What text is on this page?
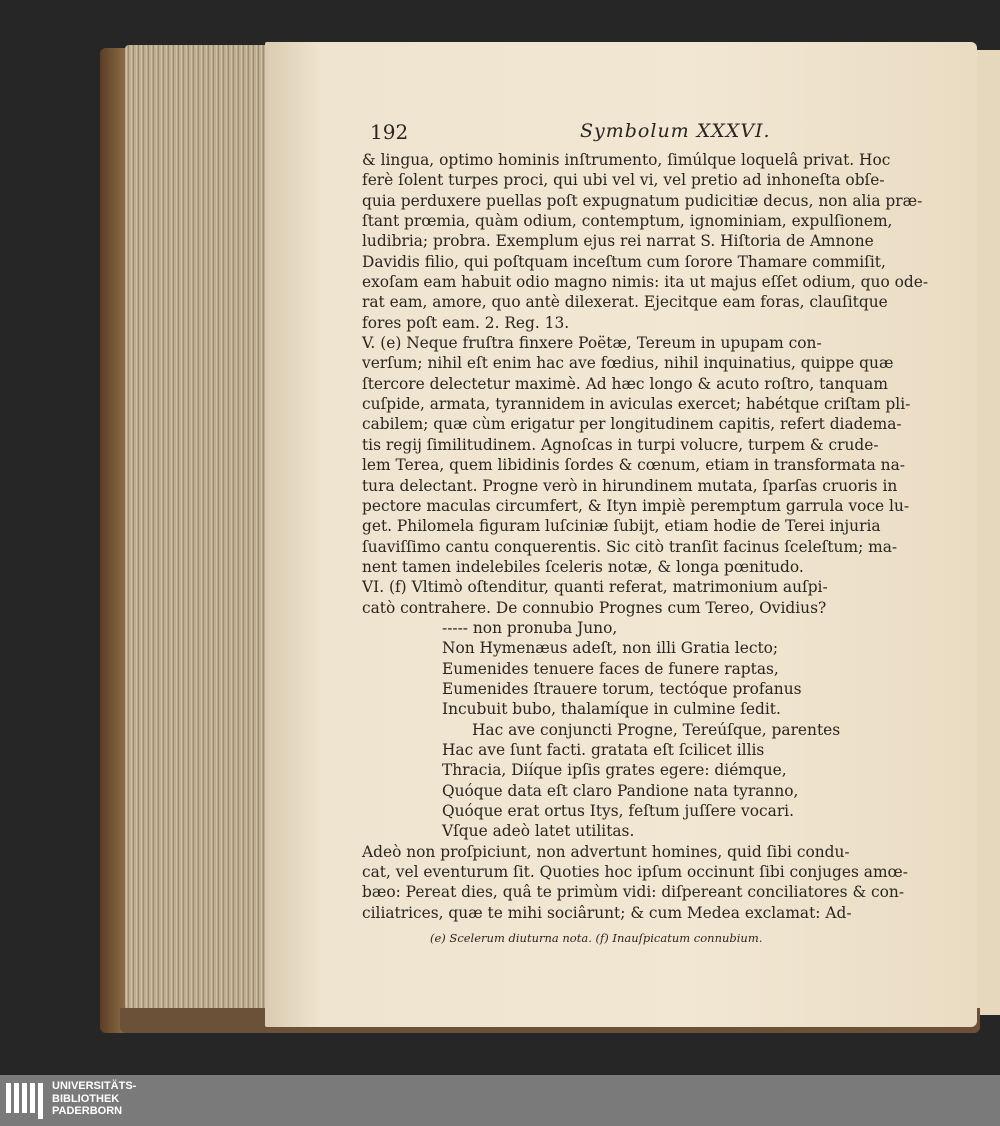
192	Symbolum XXXVI.
& lingua, optimo hominis inſtrumento, ſimúlque loquelâ privat. Hoc
ferè ſolent turpes proci, qui ubi vel vi, vel pretio ad inhoneſta obſe-
quia perduxere puellas poſt expugnatum pudicitiæ decus, non alia præ-
ſtant prœmia, quàm odium, contemptum, ignominiam, expulſionem,
ludibria; probra. Exemplum ejus rei narrat S. Hiſtoria de Amnone
Davidis filio, qui poſtquam inceſtum cum ſorore Thamare commiſit,
exoſam eam habuit odio magno nimis: ita ut majus eſſet odium, quo ode-
rat eam, amore, quo antè dilexerat. Ejecitque eam foras, clauſitque
fores poſt eam. 2. Reg. 13.
V. (e) Neque fruſtra finxere Poëtæ, Tereum in upupam con-
verſum; nihil eſt enim hac ave fœdius, nihil inquinatius, quippe quæ
ſtercore delectetur maximè. Ad hæc longo & acuto roſtro, tanquam
cuſpide, armata, tyrannidem in aviculas exercet; habétque criſtam pli-
cabilem; quæ cùm erigatur per longitudinem capitis, refert diadema-
tis regij ſimilitudinem. Agnoſcas in turpi volucre, turpem & crude-
lem Terea, quem libidinis ſordes & cœnum, etiam in transformata na-
tura delectant. Progne verò in hirundinem mutata, ſparſas cruoris in
pectore maculas circumfert, & Ityn impiè peremptum garrula voce lu-
get. Philomela figuram luſciniæ ſubijt, etiam hodie de Terei injuria
ſuaviſſimo cantu conquerentis. Sic citò tranſit facinus ſceleſtum; ma-
nent tamen indelebiles ſceleris notæ, & longa pœnitudo.
VI. (f) Vltimò oſtenditur, quanti referat, matrimonium auſpi-
catò contrahere. De connubio Prognes cum Tereo, Ovidius?
----- non pronuba Juno,
Non Hymenæus adeſt, non illi Gratia lecto;
Eumenides tenuere faces de funere raptas,
Eumenides ſtrauere torum, tectóque profanus
Incubuit bubo, thalamíque in culmine ſedit.
Hac ave conjuncti Progne, Tereúſque, parentes
Hac ave ſunt facti. gratata eſt ſcilicet illis
Thracia, Diíque ipſis grates egere: diémque,
Quóque data eſt claro Pandione nata tyranno,
Quóque erat ortus Itys, feſtum juſſere vocari.
Vſque adeò latet utilitas.
Adeò non proſpiciunt, non advertunt homines, quid ſibi condu-
cat, vel eventurum ſit. Quoties hoc ipſum occinunt ſibi conjuges amœ-
bæo: Pereat dies, quâ te primùm vidi: diſpereant conciliatores & con-
ciliatrices, quæ te mihi sociârunt; & cum Medea exclamat: Ad-
(e) Scelerum diuturna nota. (f) Inauſpicatum connubium.
UNIVERSITÄTS-
BIBLIOTHEK
PADERBORN
